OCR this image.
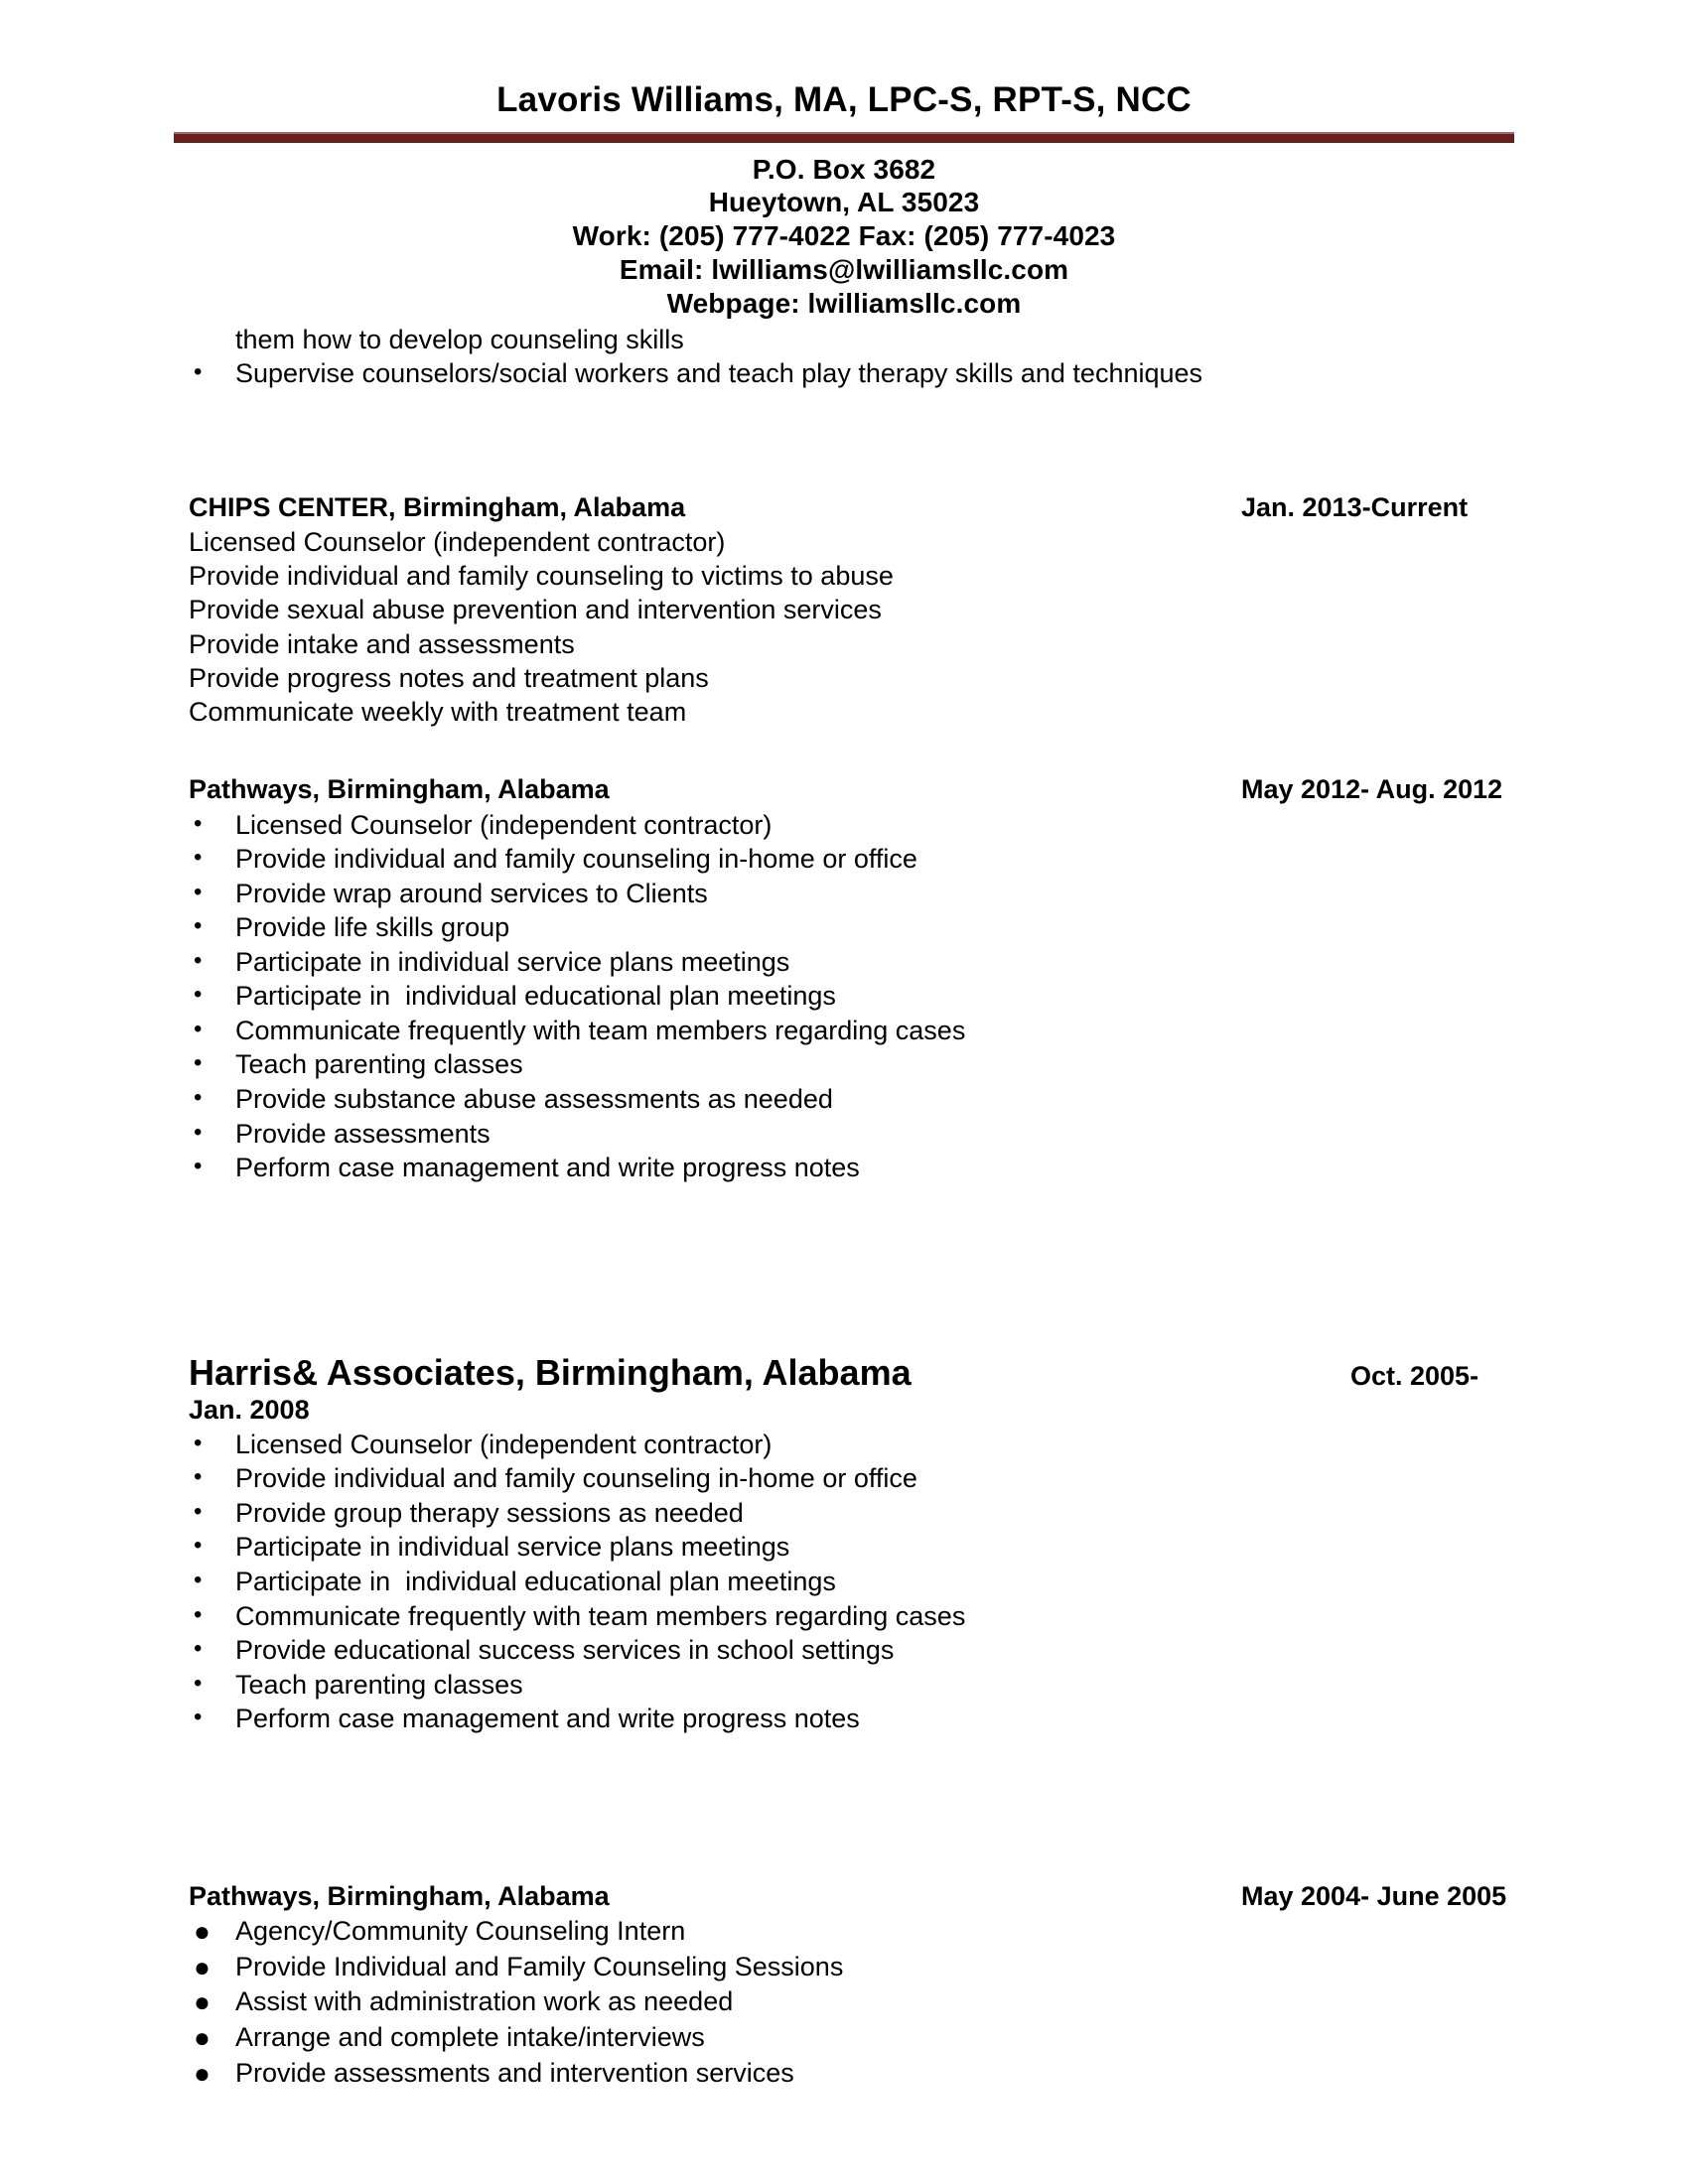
Lavoris Williams, MA, LPC-S, RPT-S, NCC
P.O. Box 3682
Hueytown, AL 35023
Work: (205) 777-4022 Fax: (205) 777-4023
Email: lwilliams@lwilliamsllc.com
Webpage: lwilliamsllc.com
them how to develop counseling skills
•	Supervise counselors/social workers and teach play therapy skills and techniques
CHIPS CENTER, Birmingham, Alabama	Jan. 2013-Current
Licensed Counselor (independent contractor)
Provide individual and family counseling to victims to abuse
Provide sexual abuse prevention and intervention services
Provide intake and assessments
Provide progress notes and treatment plans
Communicate weekly with treatment team
Pathways, Birmingham, Alabama	May 2012- Aug. 2012
•	Licensed Counselor (independent contractor)
•	Provide individual and family counseling in-home or office
•	Provide wrap around services to Clients
•	Provide life skills group
•	Participate in individual service plans meetings
•	Participate in  individual educational plan meetings
•	Communicate frequently with team members regarding cases
•	Teach parenting classes
•	Provide substance abuse assessments as needed
•	Provide assessments
•	Perform case management and write progress notes
Harris& Associates, Birmingham, Alabama	Oct. 2005-
Jan. 2008
•	Licensed Counselor (independent contractor)
•	Provide individual and family counseling in-home or office
•	Provide group therapy sessions as needed
•	Participate in individual service plans meetings
•	Participate in  individual educational plan meetings
•	Communicate frequently with team members regarding cases
•	Provide educational success services in school settings
•	Teach parenting classes
•	Perform case management and write progress notes
Pathways, Birmingham, Alabama	May 2004- June 2005
● Agency/Community Counseling Intern
● Provide Individual and Family Counseling Sessions
● Assist with administration work as needed
● Arrange and complete intake/interviews
● Provide assessments and intervention services
